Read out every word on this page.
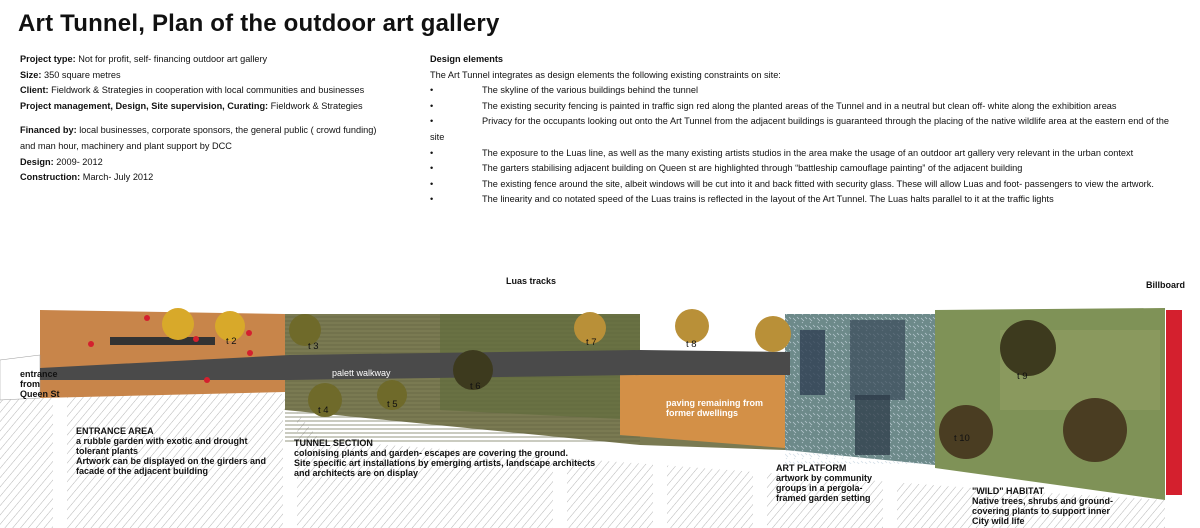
Art Tunnel, Plan of the outdoor art gallery
Project type: Not for profit, self- financing outdoor art gallery
Size: 350 square metres
Client: Fieldwork & Strategies in cooperation with local communities and businesses
Project management, Design, Site supervision, Curating: Fieldwork & Strategies
Financed by: local businesses, corporate sponsors, the general public ( crowd funding)
and man hour, machinery and plant support by DCC
Design: 2009- 2012
Construction: March- July 2012
Design elements
The Art Tunnel integrates as design elements the following existing constraints on site:
•	The skyline of the various buildings behind the tunnel
•	The existing security fencing is painted in traffic sign red along the planted areas of the Tunnel and in a neutral but clean off- white along the exhibition areas
•	Privacy for the occupants looking out onto the Art Tunnel from the adjacent buildings is guaranteed through the placing of the native wildlife area at the eastern end of the
site
•	The exposure to the Luas line, as well as the many existing artists studios in the area make the usage of an outdoor art gallery very relevant in the urban context
•	The garters stabilising adjacent building on Queen st are highlighted through “battleship camouflage painting” of the adjacent building
•	The existing fence around the site, albeit windows will be cut into it and back fitted with security glass. These will allow Luas and foot- passengers to view the artwork.
•	The linearity and co notated speed of the Luas trains is reflected in the layout of the Art Tunnel. The Luas halts parallel to it at the traffic lights
Luas tracks	Billboard
t 2	t 3
t 4
t 5
t 6
t 7	t 8
t 9
t 10
palett walkway
paving
paving remaining from
former dwellings
entrance
from
Queen St
ENTRANCE AREA
a rubble garden with exotic and drought
tolerant plants
Artwork can be displayed on the girders and
facade of the adjacent building
TUNNEL SECTION
colonising plants and garden- escapes are covering the ground.
Site specific art installations by emerging artists, landscape architects
and architects are on display	ART PLATFORM
artwork by community
groups in a pergola-
framed garden setting
"WILD" HABITAT
Native trees, shrubs and ground-
covering plants to support inner
City wild life
